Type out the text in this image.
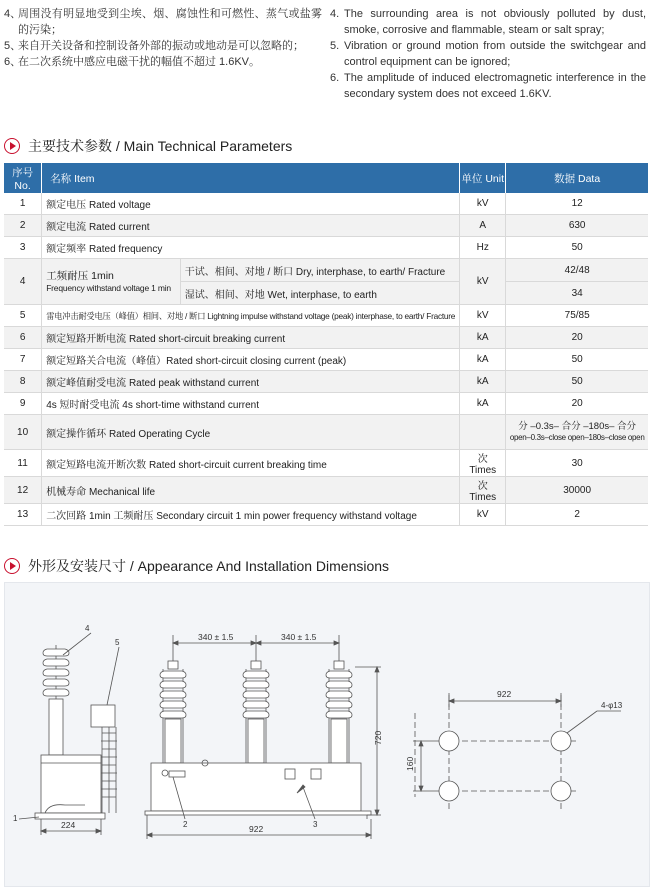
4、
周围没有明显地受到尘埃、烟、腐蚀性和可燃性、蒸气或盐雾的污染；
5、
来自开关设备和控制设备外部的振动或地动是可以忽略的；
6、
在二次系统中感应电磁干扰的幅值不超过 1.6KV。
4. The surrounding area is not obviously polluted by dust, smoke, corrosive and flammable, steam or salt spray;
5. Vibration or ground motion from outside the switchgear and control equipment can be ignored;
6. The amplitude of induced electromagnetic interference in the secondary system does not exceed 1.6KV.
主要技术参数 / Main Technical Parameters
序号 No.	名称 Item		单位 Unit	数据 Data
1	额定电压 Rated voltage		kV	12
2	额定电流 Rated current		A	630
3	额定频率 Rated frequency		Hz	50
4	工频耐压 1min
Frequency withstand voltage 1 min	干试、相间、对地 / 断口 Dry, interphase, to earth/ Fracture	kV	42/48
		湿试、相间、对地 Wet, interphase, to earth		34
5	雷电冲击耐受电压（峰值）相间、对地 / 断口 Lightning impulse withstand voltage (peak) interphase, to earth/ Fracture		kV	75/85
6	额定短路开断电流 Rated short-circuit breaking current		kA	20
7	额定短路关合电流（峰值）Rated short-circuit closing current (peak)		kA	50
8	额定峰值耐受电流 Rated peak withstand current		kA	50
9	4s 短时耐受电流 4s short-time withstand current		kA	20
10	额定操作循环 Rated Operating Cycle			分 –0.3s– 合分 –180s– 合分
open–0.3s–close open–180s–close open

11	额定短路电流开断次数 Rated short-circuit current breaking time		次 Times	30
12	机械寿命 Mechanical life		次 Times	30000
13	二次回路 1min 工频耐压 Secondary circuit 1 min power frequency withstand voltage		kV	2
外形及安装尺寸 / Appearance And Installation Dimensions
224
4
5
1
340 ± 1.5	340 ± 1.5
720
922
2	3
922
160
4-φ13
